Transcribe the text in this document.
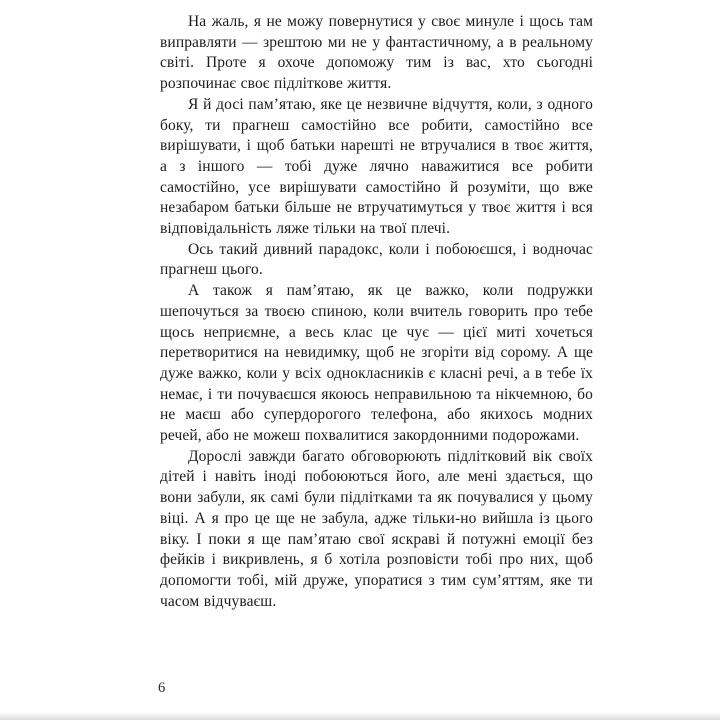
На жаль, я не можу повернутися у своє минуле і щось там виправляти — зрештою ми не у фантастичному, а в реальному світі. Проте я охоче допоможу тим із вас, хто сьогодні розпочинає своє підліткове життя.

Я й досі пам’ятаю, яке це незвичне відчуття, коли, з одного боку, ти прагнеш самостійно все робити, самостійно все вирішувати, і щоб батьки нарешті не втручалися в твоє життя, а з іншого — тобі дуже лячно наважитися все робити самостійно, усе вирішувати самостійно й розуміти, що вже незабаром батьки більше не втручатимуться у твоє життя і вся відповідальність ляже тільки на твої плечі.

Ось такий дивний парадокс, коли і побоюєшся, і водночас прагнеш цього.

А також я пам’ятаю, як це важко, коли подружки шепочуться за твоєю спиною, коли вчитель говорить про тебе щось неприємне, а весь клас це чує — цієї миті хочеться перетворитися на невидимку, щоб не згоріти від сорому. А ще дуже важко, коли у всіх однокласників є класні речі, а в тебе їх немає, і ти почуваєшся якоюсь неправильною та нікчемною, бо не маєш або супердорогого телефона, або якихось модних речей, або не можеш похвалитися закордонними подорожами.

Дорослі завжди багато обговорюють підлітковий вік своїх дітей і навіть іноді побоюються його, але мені здається, що вони забули, як самі були підлітками та як почувалися у цьому віці. А я про це ще не забула, адже тільки-но вийшла із цього віку. І поки я ще пам’ятаю свої яскраві й потужні емоції без фейків і викривлень, я б хотіла розповісти тобі про них, щоб допомогти тобі, мій друже, упоратися з тим сум’яттям, яке ти часом відчуваєш.

6
